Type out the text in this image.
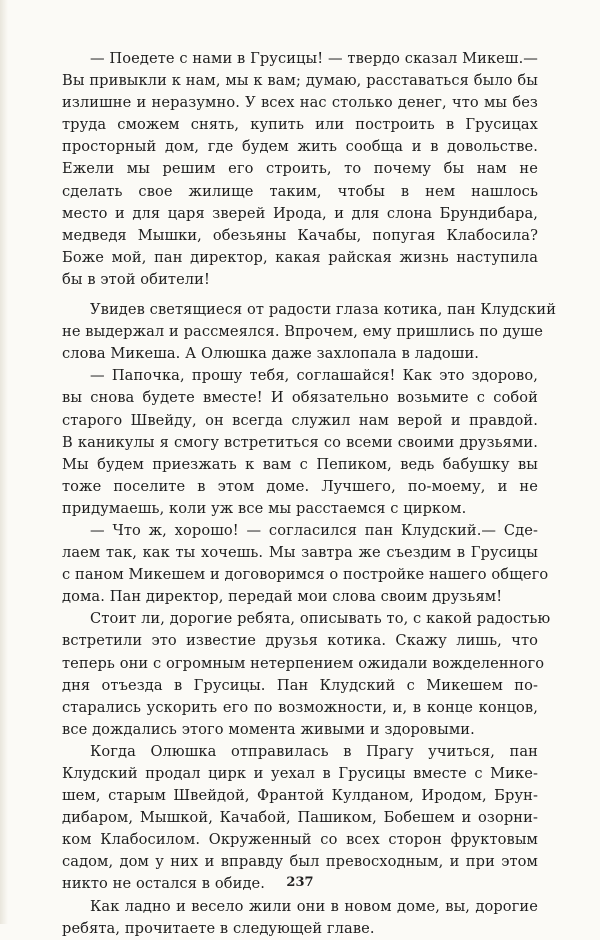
— Поедете с нами в Грусицы! — твердо сказал Микеш.—
Вы привыкли к нам, мы к вам; думаю, расставаться было бы
излишне и неразумно. У всех нас столько денег, что мы без
труда сможем снять, купить или построить в Грусицах
просторный дом, где будем жить сообща и в довольстве.
Ежели мы решим его строить, то почему бы нам не
сделать свое жилище таким, чтобы в нем нашлось
место и для царя зверей Ирода, и для слона Брундибара,
медведя Мышки, обезьяны Качабы, попугая Клабосила?
Боже мой, пан директор, какая райская жизнь наступила
бы в этой обители!
Увидев светящиеся от радости глаза котика, пан Клудский
не выдержал и рассмеялся. Впрочем, ему пришлись по душе
слова Микеша. А Олюшка даже захлопала в ладоши.
— Папочка, прошу тебя, соглашайся! Как это здорово,
вы снова будете вместе! И обязательно возьмите с собой
старого Швейду, он всегда служил нам верой и правдой.
В каникулы я смогу встретиться со всеми своими друзьями.
Мы будем приезжать к вам с Пепиком, ведь бабушку вы
тоже поселите в этом доме. Лучшего, по-моему, и не
придумаешь, коли уж все мы расстаемся с цирком.
— Что ж, хорошо! — согласился пан Клудский.— Сде-
лаем так, как ты хочешь. Мы завтра же съездим в Грусицы
с паном Микешем и договоримся о постройке нашего общего
дома. Пан директор, передай мои слова своим друзьям!
Стоит ли, дорогие ребята, описывать то, с какой радостью
встретили это известие друзья котика. Скажу лишь, что
теперь они с огромным нетерпением ожидали вожделенного
дня отъезда в Грусицы. Пан Клудский с Микешем по-
старались ускорить его по возможности, и, в конце концов,
все дождались этого момента живыми и здоровыми.
Когда Олюшка отправилась в Прагу учиться, пан
Клудский продал цирк и уехал в Грусицы вместе с Мике-
шем, старым Швейдой, Франтой Кулданом, Иродом, Брун-
дибаром, Мышкой, Качабой, Пашиком, Бобешем и озорни-
ком Клабосилом. Окруженный со всех сторон фруктовым
садом, дом у них и вправду был превосходным, и при этом
никто не остался в обиде.
Как ладно и весело жили они в новом доме, вы, дорогие
ребята, прочитаете в следующей главе.
237
